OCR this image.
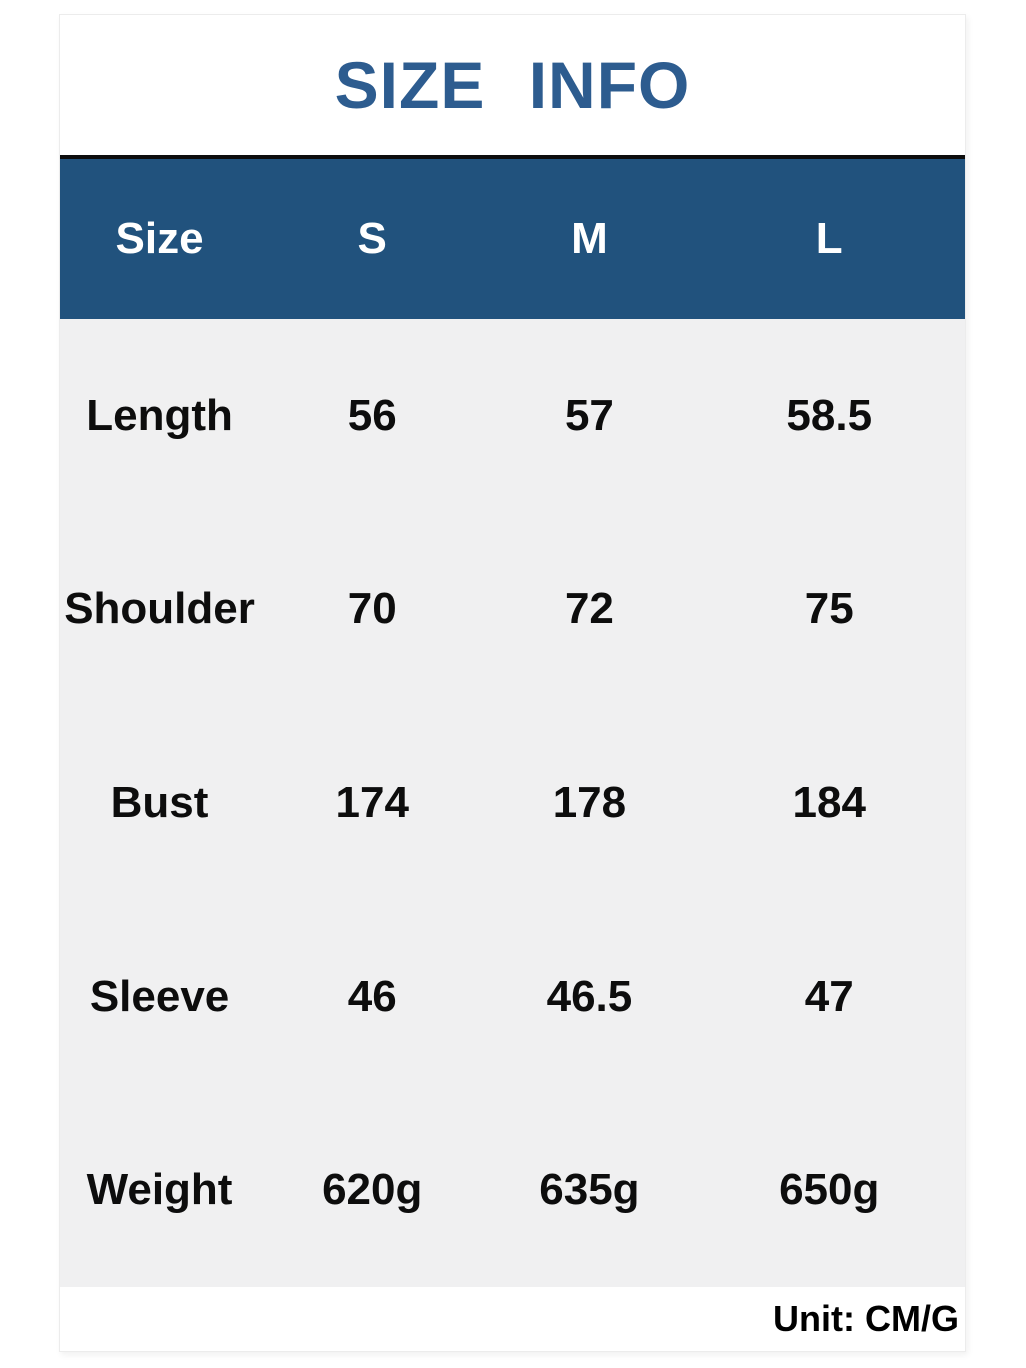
SIZE INFO
Size	S	M	L
Length	56	57	58.5
Shoulder	70	72	75
Bust	174	178	184
Sleeve	46	46.5	47
Weight	620g	635g	650g
Unit: CM/G
